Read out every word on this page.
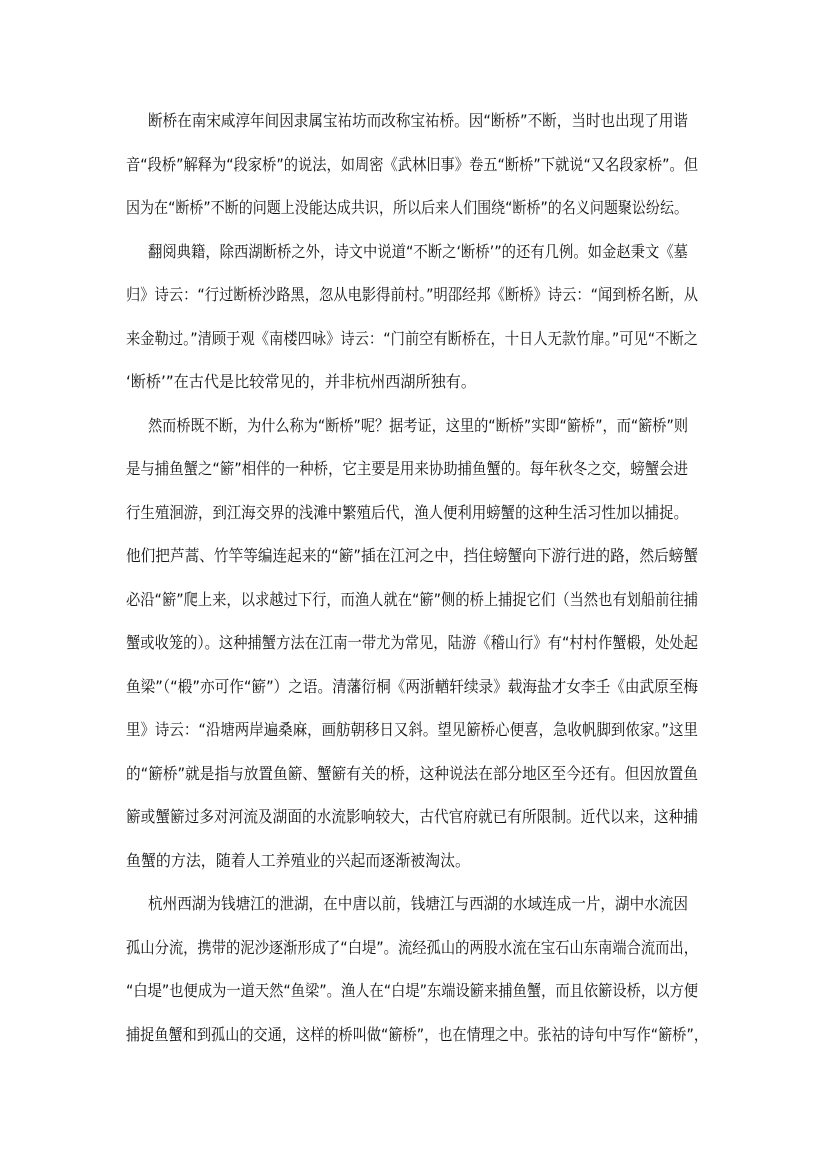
断桥在南宋咸淳年间因隶属宝祐坊而改称宝祐桥。因“断桥”不断，当时也出现了用谐
音“段桥”解释为“段家桥”的说法，如周密《武林旧事》卷五“断桥”下就说“又名段家桥”。但
因为在“断桥”不断的问题上没能达成共识，所以后来人们围绕“断桥”的名义问题聚讼纷纭。
翻阅典籍，除西湖断桥之外，诗文中说道“不断之‘断桥’”的还有几例。如金赵秉文《墓
归》诗云：“行过断桥沙路黑，忽从电影得前村。”明邵经邦《断桥》诗云：“闻到桥名断，从
来金勒过。”清顾于观《南楼四咏》诗云：“门前空有断桥在，十日人无款竹扉。”可见“不断之
‘断桥’”在古代是比较常见的，并非杭州西湖所独有。
然而桥既不断，为什么称为“断桥”呢？据考证，这里的“断桥”实即“簖桥”，而“簖桥”则
是与捕鱼蟹之“簖”相伴的一种桥，它主要是用来协助捕鱼蟹的。每年秋冬之交，螃蟹会进
行生殖洄游，到江海交界的浅滩中繁殖后代，渔人便利用螃蟹的这种生活习性加以捕捉。
他们把芦蒿、竹竿等编连起来的“簖”插在江河之中，挡住螃蟹向下游行进的路，然后螃蟹
必沿“簖”爬上来，以求越过下行，而渔人就在“簖”侧的桥上捕捉它们（当然也有划船前往捕
蟹或收笼的）。这种捕蟹方法在江南一带尤为常见，陆游《稽山行》有“村村作蟹椴，处处起
鱼梁”（“椴”亦可作“簖”）之语。清藩衍桐《两浙輶轩续录》载海盐才女李壬《由武原至梅
里》诗云：“沿塘两岸遍桑麻，画舫朝移日又斜。望见簖桥心便喜，急收帆脚到侬家。”这里
的“簖桥”就是指与放置鱼簖、蟹簖有关的桥，这种说法在部分地区至今还有。但因放置鱼
簖或蟹簖过多对河流及湖面的水流影响较大，古代官府就已有所限制。近代以来，这种捕
鱼蟹的方法，随着人工养殖业的兴起而逐渐被淘汰。
杭州西湖为钱塘江的泄湖，在中唐以前，钱塘江与西湖的水域连成一片，湖中水流因
孤山分流，携带的泥沙逐渐形成了“白堤”。流经孤山的两股水流在宝石山东南端合流而出，
“白堤”也便成为一道天然“鱼梁”。渔人在“白堤”东端设簖来捕鱼蟹，而且依簖设桥，以方便
捕捉鱼蟹和到孤山的交通，这样的桥叫做“簖桥”，也在情理之中。张祜的诗句中写作“簖桥”，
